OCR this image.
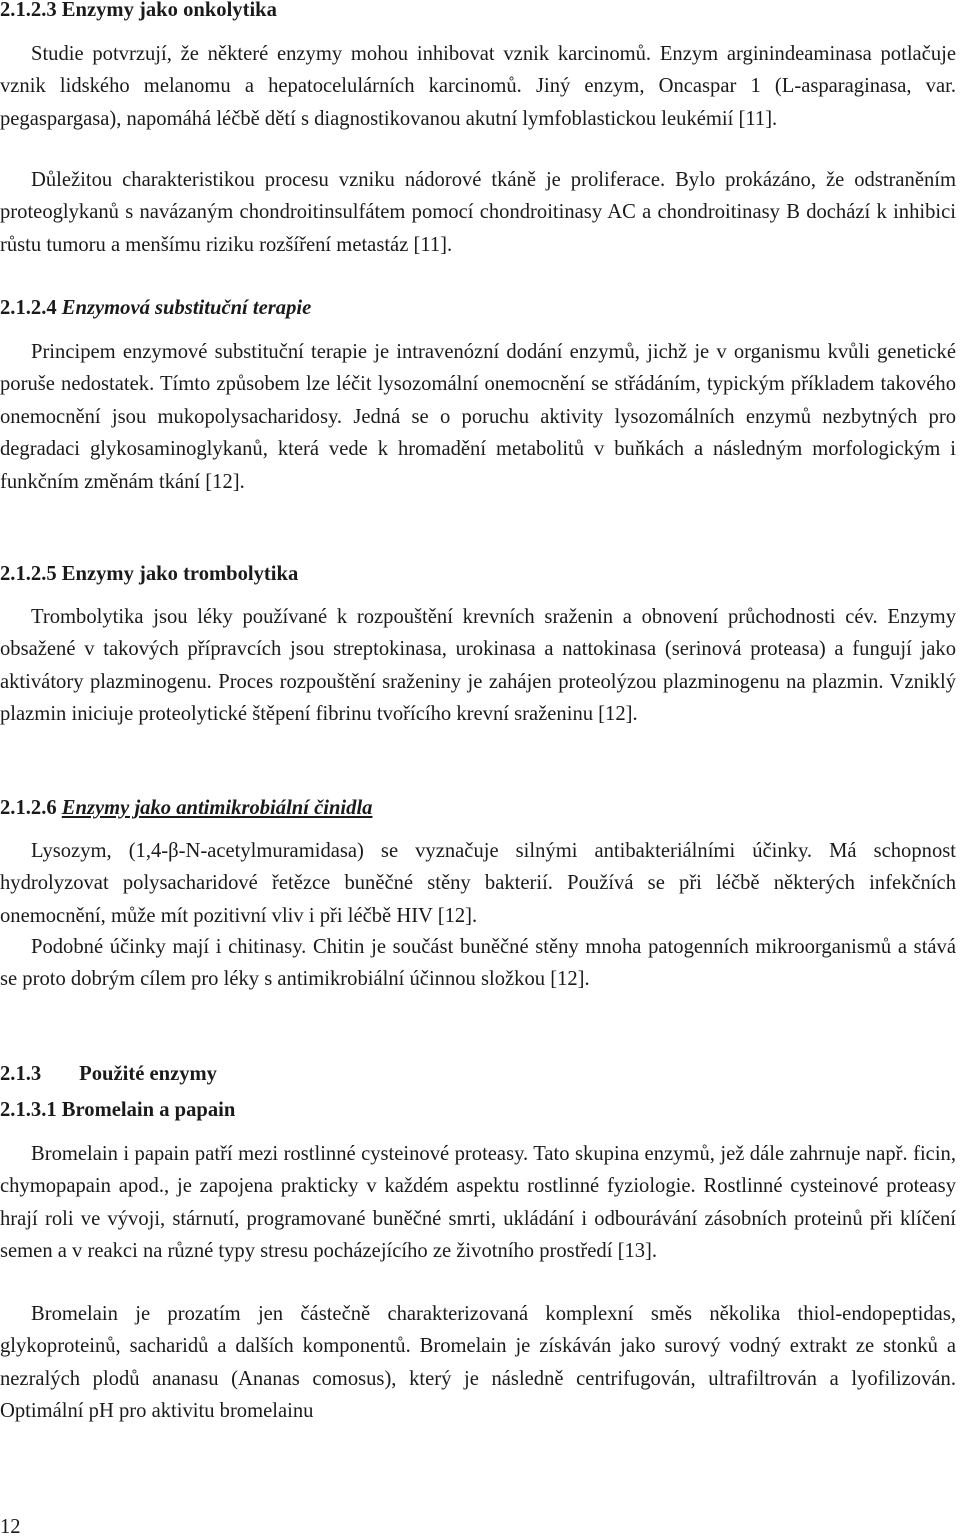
2.1.2.3 Enzymy jako onkolytika

Studie potvrzují, že některé enzymy mohou inhibovat vznik karcinomů. Enzym arginindeaminasa potlačuje vznik lidského melanomu a hepatocelulárních karcinomů. Jiný enzym, Oncaspar 1 (L-asparaginasa, var. pegaspargasa), napomáhá léčbě dětí s diagnostikovanou akutní lymfoblastickou leukémií [11].

Důležitou charakteristikou procesu vzniku nádorové tkáně je proliferace. Bylo prokázáno, že odstraněním proteoglykanů s navázaným chondroitinsulfátem pomocí chondroitinasy AC a chondroitinasy B dochází k inhibici růstu tumoru a menšímu riziku rozšíření metastáz [11].

2.1.2.4 Enzymová substituční terapie

Principem enzymové substituční terapie je intravenózní dodání enzymů, jichž je v organismu kvůli genetické poruše nedostatek. Tímto způsobem lze léčit lysozomální onemocnění se střádáním, typickým příkladem takového onemocnění jsou mukopolysacharidosy. Jedná se o poruchu aktivity lysozomálních enzymů nezbytných pro degradaci glykosaminoglykanů, která vede k hromadění metabolitů v buňkách a následným morfologickým i funkčním změnám tkání [12].

2.1.2.5 Enzymy jako trombolytika

Trombolytika jsou léky používané k rozpouštění krevních sraženin a obnovení průchodnosti cév. Enzymy obsažené v takových přípravcích jsou streptokinasa, urokinasa a nattokinasa (serinová proteasa) a fungují jako aktivátory plazminogenu. Proces rozpouštění sraženiny je zahájen proteolýzou plazminogenu na plazmin. Vzniklý plazmin iniciuje proteolytické štěpení fibrinu tvořícího krevní sraženinu [12].

2.1.2.6 Enzymy jako antimikrobiální činidla

Lysozym, (1,4-β-N-acetylmuramidasa) se vyznačuje silnými antibakteriálními účinky. Má schopnost hydrolyzovat polysacharidové řetězce buněčné stěny bakterií. Používá se při léčbě některých infekčních onemocnění, může mít pozitivní vliv i při léčbě HIV [12].

Podobné účinky mají i chitinasy. Chitin je součást buněčné stěny mnoha patogenních mikroorganismů a stává se proto dobrým cílem pro léky s antimikrobiální účinnou složkou [12].

2.1.3 Použité enzymy
2.1.3.1 Bromelain a papain

Bromelain i papain patří mezi rostlinné cysteinové proteasy. Tato skupina enzymů, jež dále zahrnuje např. ficin, chymopapain apod., je zapojena prakticky v každém aspektu rostlinné fyziologie. Rostlinné cysteinové proteasy hrají roli ve vývoji, stárnutí, programované buněčné smrti, ukládání i odbourávání zásobních proteinů při klíčení semen a v reakci na různé typy stresu pocházejícího ze životního prostředí [13].

Bromelain je prozatím jen částečně charakterizovaná komplexní směs několika thiol-endopeptidas, glykoproteinů, sacharidů a dalších komponentů. Bromelain je získáván jako surový vodný extrakt ze stonků a nezralých plodů ananasu (Ananas comosus), který je následně centrifugován, ultrafiltrován a lyofilizován. Optimální pH pro aktivitu bromelainu

12
